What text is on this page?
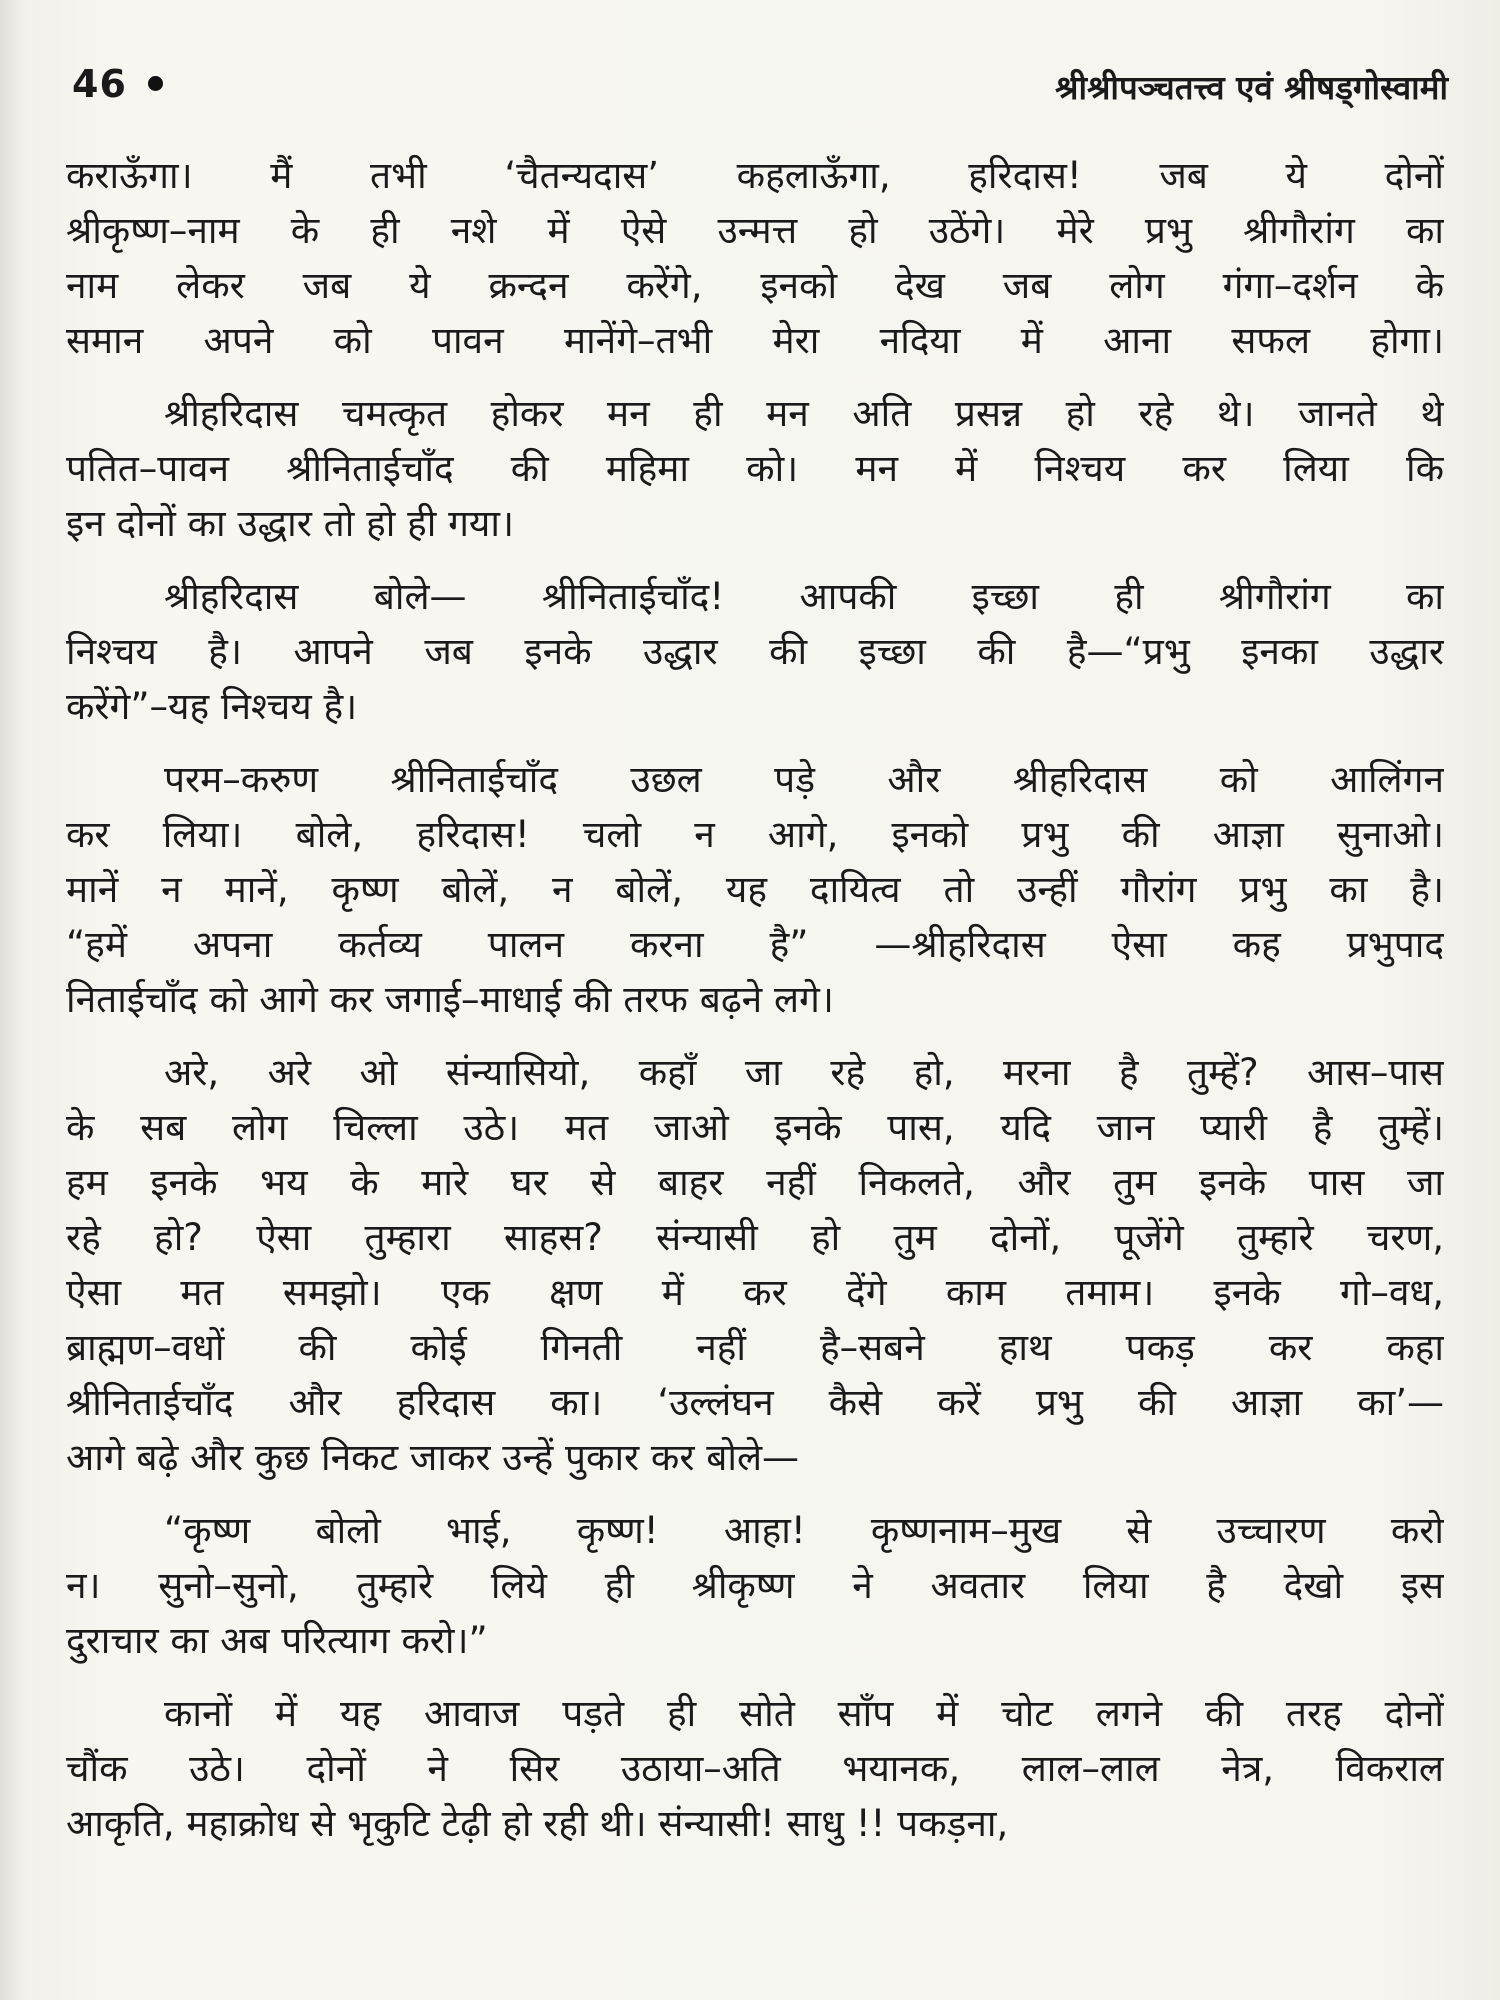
46	श्रीश्रीपञ्चतत्त्व एवं श्रीषड्गोस्वामी
कराऊँगा। मैं तभी ‘चैतन्यदास’ कहलाऊँगा, हरिदास! जब ये दोनों
श्रीकृष्ण–नाम के ही नशे में ऐसे उन्मत्त हो उठेंगे। मेरे प्रभु श्रीगौरांग का
नाम लेकर जब ये क्रन्दन करेंगे, इनको देख जब लोग गंगा–दर्शन के
समान अपने को पावन मानेंगे–तभी मेरा नदिया में आना सफल होगा।
श्रीहरिदास चमत्कृत होकर मन ही मन अति प्रसन्न हो रहे थे। जानते थे
पतित–पावन श्रीनिताईचाँद की महिमा को। मन में निश्चय कर लिया कि
इन दोनों का उद्धार तो हो ही गया।
श्रीहरिदास बोले— श्रीनिताईचाँद! आपकी इच्छा ही श्रीगौरांग का
निश्चय है। आपने जब इनके उद्धार की इच्छा की है—“प्रभु इनका उद्धार
करेंगे”–यह निश्चय है।
परम–करुण श्रीनिताईचाँद उछल पड़े और श्रीहरिदास को आलिंगन
कर लिया। बोले, हरिदास! चलो न आगे, इनको प्रभु की आज्ञा सुनाओ।
मानें न मानें, कृष्ण बोलें, न बोलें, यह दायित्व तो उन्हीं गौरांग प्रभु का है।
“हमें अपना कर्तव्य पालन करना है” —श्रीहरिदास ऐसा कह प्रभुपाद
निताईचाँद को आगे कर जगाई–माधाई की तरफ बढ़ने लगे।
अरे, अरे ओ संन्यासियो, कहाँ जा रहे हो, मरना है तुम्हें? आस–पास
के सब लोग चिल्ला उठे। मत जाओ इनके पास, यदि जान प्यारी है तुम्हें।
हम इनके भय के मारे घर से बाहर नहीं निकलते, और तुम इनके पास जा
रहे हो? ऐसा तुम्हारा साहस? संन्यासी हो तुम दोनों, पूजेंगे तुम्हारे चरण,
ऐसा मत समझो। एक क्षण में कर देंगे काम तमाम। इनके गो–वध,
ब्राह्मण–वधों की कोई गिनती नहीं है–सबने हाथ पकड़ कर कहा
श्रीनिताईचाँद और हरिदास का। ‘उल्लंघन कैसे करें प्रभु की आज्ञा का’—
आगे बढ़े और कुछ निकट जाकर उन्हें पुकार कर बोले—
“कृष्ण बोलो भाई, कृष्ण! आहा! कृष्णनाम–मुख से उच्चारण करो
न। सुनो–सुनो, तुम्हारे लिये ही श्रीकृष्ण ने अवतार लिया है देखो इस
दुराचार का अब परित्याग करो।”
कानों में यह आवाज पड़ते ही सोते साँप में चोट लगने की तरह दोनों
चौंक उठे। दोनों ने सिर उठाया–अति भयानक, लाल–लाल नेत्र, विकराल
आकृति, महाक्रोध से भृकुटि टेढ़ी हो रही थी। संन्यासी! साधु !! पकड़ना,
